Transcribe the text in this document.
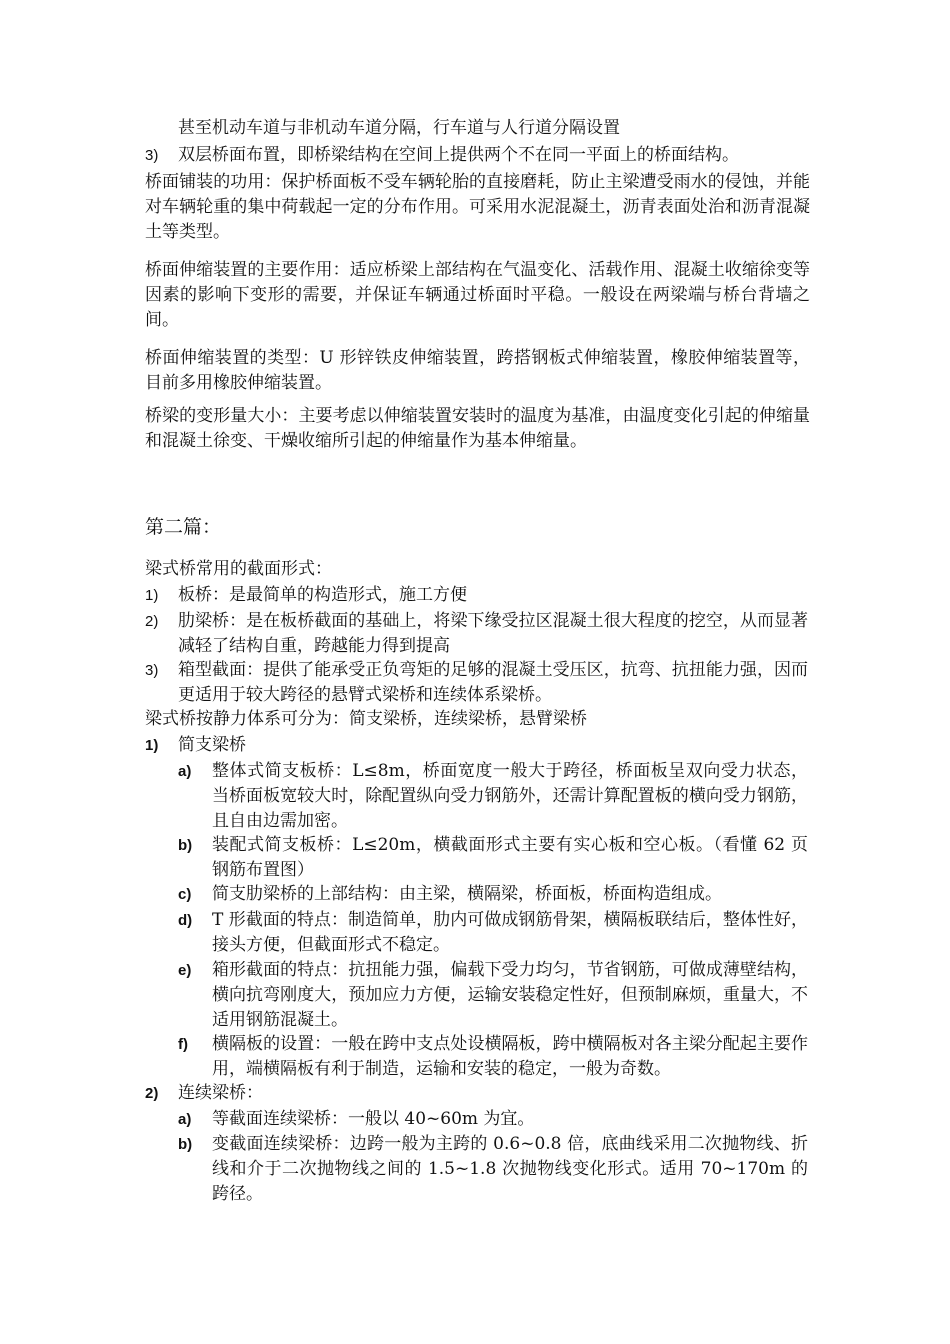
甚至机动车道与非机动车道分隔，行车道与人行道分隔设置
3) 双层桥面布置，即桥梁结构在空间上提供两个不在同一平面上的桥面结构。
桥面铺装的功用：保护桥面板不受车辆轮胎的直接磨耗，防止主梁遭受雨水的侵蚀，并能对车辆轮重的集中荷载起一定的分布作用。可采用水泥混凝土，沥青表面处治和沥青混凝土等类型。
桥面伸缩装置的主要作用：适应桥梁上部结构在气温变化、活载作用、混凝土收缩徐变等因素的影响下变形的需要，并保证车辆通过桥面时平稳。一般设在两梁端与桥台背墙之间。
桥面伸缩装置的类型：U 形锌铁皮伸缩装置，跨搭钢板式伸缩装置，橡胶伸缩装置等，目前多用橡胶伸缩装置。
桥梁的变形量大小：主要考虑以伸缩装置安装时的温度为基准，由温度变化引起的伸缩量和混凝土徐变、干燥收缩所引起的伸缩量作为基本伸缩量。
第二篇：
梁式桥常用的截面形式：
1) 板桥：是最简单的构造形式，施工方便
2) 肋梁桥：是在板桥截面的基础上，将梁下缘受拉区混凝土很大程度的挖空，从而显著减轻了结构自重，跨越能力得到提高
3) 箱型截面：提供了能承受正负弯矩的足够的混凝土受压区，抗弯、抗扭能力强，因而更适用于较大跨径的悬臂式梁桥和连续体系梁桥。
梁式桥按静力体系可分为：简支梁桥，连续梁桥，悬臂梁桥
1) 简支梁桥
a) 整体式简支板桥：L≤8m，桥面宽度一般大于跨径，桥面板呈双向受力状态，当桥面板宽较大时，除配置纵向受力钢筋外，还需计算配置板的横向受力钢筋，且自由边需加密。
b) 装配式简支板桥：L≤20m，横截面形式主要有实心板和空心板。（看懂 62 页钢筋布置图）
c) 简支肋梁桥的上部结构：由主梁，横隔梁，桥面板，桥面构造组成。
d) T 形截面的特点：制造简单，肋内可做成钢筋骨架，横隔板联结后，整体性好，接头方便，但截面形式不稳定。
e) 箱形截面的特点：抗扭能力强，偏载下受力均匀，节省钢筋，可做成薄壁结构，横向抗弯刚度大，预加应力方便，运输安装稳定性好，但预制麻烦，重量大，不适用钢筋混凝土。
f) 横隔板的设置：一般在跨中支点处设横隔板，跨中横隔板对各主梁分配起主要作用，端横隔板有利于制造，运输和安装的稳定，一般为奇数。
2) 连续梁桥：
a) 等截面连续梁桥：一般以 40~60m 为宜。
b) 变截面连续梁桥：边跨一般为主跨的 0.6~0.8 倍，底曲线采用二次抛物线、折线和介于二次抛物线之间的 1.5~1.8 次抛物线变化形式。适用 70~170m 的跨径。
